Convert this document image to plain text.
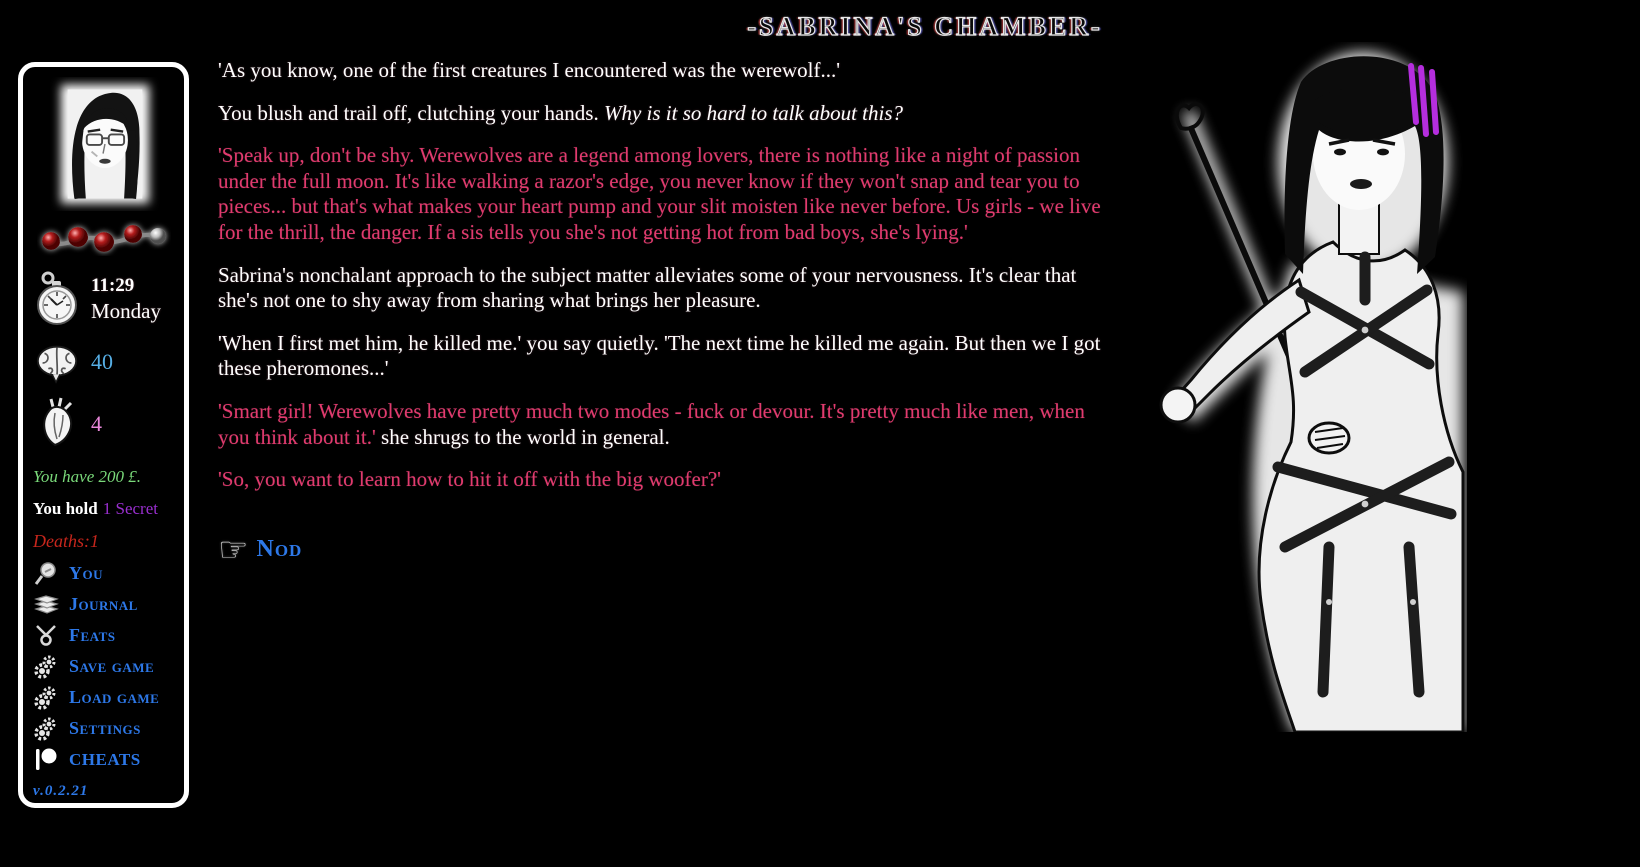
-SABRINA'S CHAMBER-
11:29
Monday
40
4
You have 200 £.
You hold 1 Secret
Deaths:1
You
Journal
Feats
Save game
Load game
Settings
CHEATS
v.0.2.21

'As you know, one of the first creatures I encountered was the werewolf...'

You blush and trail off, clutching your hands. Why is it so hard to talk about this?

'Speak up, don't be shy. Werewolves are a legend among lovers, there is nothing like a night of passion under the full moon. It's like walking a razor's edge, you never know if they won't snap and tear you to pieces... but that's what makes your heart pump and your slit moisten like never before. Us girls - we live for the thrill, the danger. If a sis tells you she's not getting hot from bad boys, she's lying.'

Sabrina's nonchalant approach to the subject matter alleviates some of your nervousness. It's clear that she's not one to shy away from sharing what brings her pleasure.

'When I first met him, he killed me.' you say quietly. 'The next time he killed me again. But then we I got these pheromones...'

'Smart girl! Werewolves have pretty much two modes - fuck or devour. It's pretty much like men, when you think about it.' she shrugs to the world in general.

'So, you want to learn how to hit it off with the big woofer?'

☞ Nod
